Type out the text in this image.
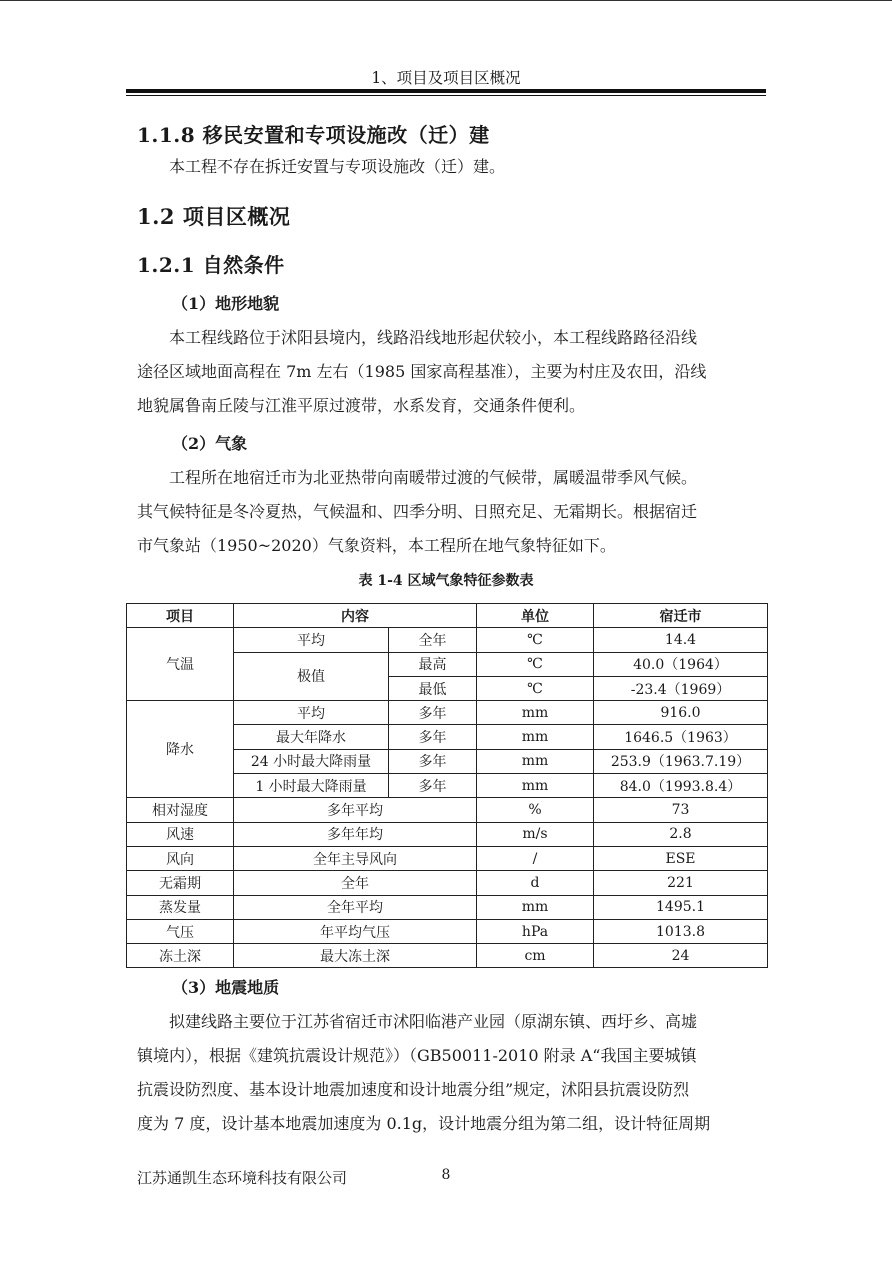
1、项目及项目区概况
1.1.8 移民安置和专项设施改（迁）建
本工程不存在拆迁安置与专项设施改（迁）建。
1.2 项目区概况
1.2.1 自然条件
（1）地形地貌
本工程线路位于沭阳县境内，线路沿线地形起伏较小，本工程线路路径沿线
途径区域地面高程在 7m 左右（1985 国家高程基准），主要为村庄及农田，沿线
地貌属鲁南丘陵与江淮平原过渡带，水系发育，交通条件便利。
（2）气象
工程所在地宿迁市为北亚热带向南暖带过渡的气候带，属暖温带季风气候。
其气候特征是冬冷夏热，气候温和、四季分明、日照充足、无霜期长。根据宿迁
市气象站（1950~2020）气象资料，本工程所在地气象特征如下。
表 1-4 区域气象特征参数表
项目	内容		单位	宿迁市
气温	平均	全年	℃	14.4
	极值	最高	℃	40.0（1964）
		最低	℃	-23.4（1969）
降水	平均	多年	mm	916.0
	最大年降水	多年	mm	1646.5（1963）
	24 小时最大降雨量	多年	mm	253.9（1963.7.19）
	1 小时最大降雨量	多年	mm	84.0（1993.8.4）
相对湿度	多年平均		%	73
风速	多年年均		m/s	2.8
风向	全年主导风向		/	ESE
无霜期	全年		d	221
蒸发量	全年平均		mm	1495.1
气压	年平均气压		hPa	1013.8
冻土深	最大冻土深		cm	24
（3）地震地质
拟建线路主要位于江苏省宿迁市沭阳临港产业园（原湖东镇、西圩乡、高墟
镇境内），根据《建筑抗震设计规范》）（GB50011-2010 附录 A“我国主要城镇
抗震设防烈度、基本设计地震加速度和设计地震分组”规定，沭阳县抗震设防烈
度为 7 度，设计基本地震加速度为 0.1g，设计地震分组为第二组，设计特征周期
江苏通凯生态环境科技有限公司	8
